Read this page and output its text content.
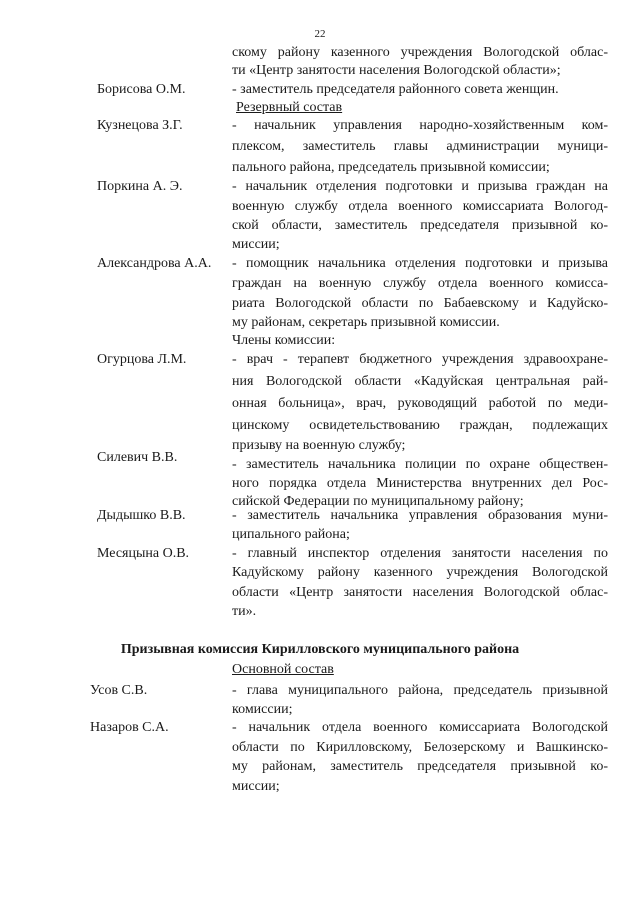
22
скому району казенного учреждения Вологодской облас-
ти «Центр занятости населения Вологодской области»;
Борисова О.М.	- заместитель председателя районного совета женщин.
Резервный состав
Кузнецова З.Г.	- начальник управления народно-хозяйственным ком-
плексом, заместитель главы администрации муници-
пального района, председатель призывной комиссии;
Поркина А. Э.	- начальник отделения подготовки и призыва граждан на
военную службу отдела военного комиссариата Вологод-
ской области, заместитель председателя призывной ко-
миссии;
Александрова А.А. - помощник начальника отделения подготовки и призыва
граждан на военную службу отдела военного комисса-
риата Вологодской области по Бабаевскому и Кадуйско-
му районам, секретарь призывной комиссии.
Члены комиссии:
Огурцова Л.М.	- врач - терапевт бюджетного учреждения здравоохране-
ния Вологодской области «Кадуйская центральная рай-
онная больница», врач, руководящий работой по меди-
цинскому освидетельствованию граждан, подлежащих
призыву на военную службу;
Силевич В.В.	- заместитель начальника полиции по охране обществен-
ного порядка отдела Министерства внутренних дел Рос-
сийской Федерации по муниципальному району;
Дыдышко В.В.	- заместитель начальника управления образования муни-
ципального района;
Месяцына О.В.	- главный инспектор отделения занятости населения по
Кадуйскому району казенного учреждения Вологодской
области «Центр занятости населения Вологодской облас-
ти».
Призывная комиссия Кирилловского муниципального района
Основной состав
Усов С.В.	- глава муниципального района, председатель призывной
комиссии;
Назаров С.А.	- начальник отдела военного комиссариата Вологодской
области по Кирилловскому, Белозерскому и Вашкинско-
му районам, заместитель председателя призывной ко-
миссии;
